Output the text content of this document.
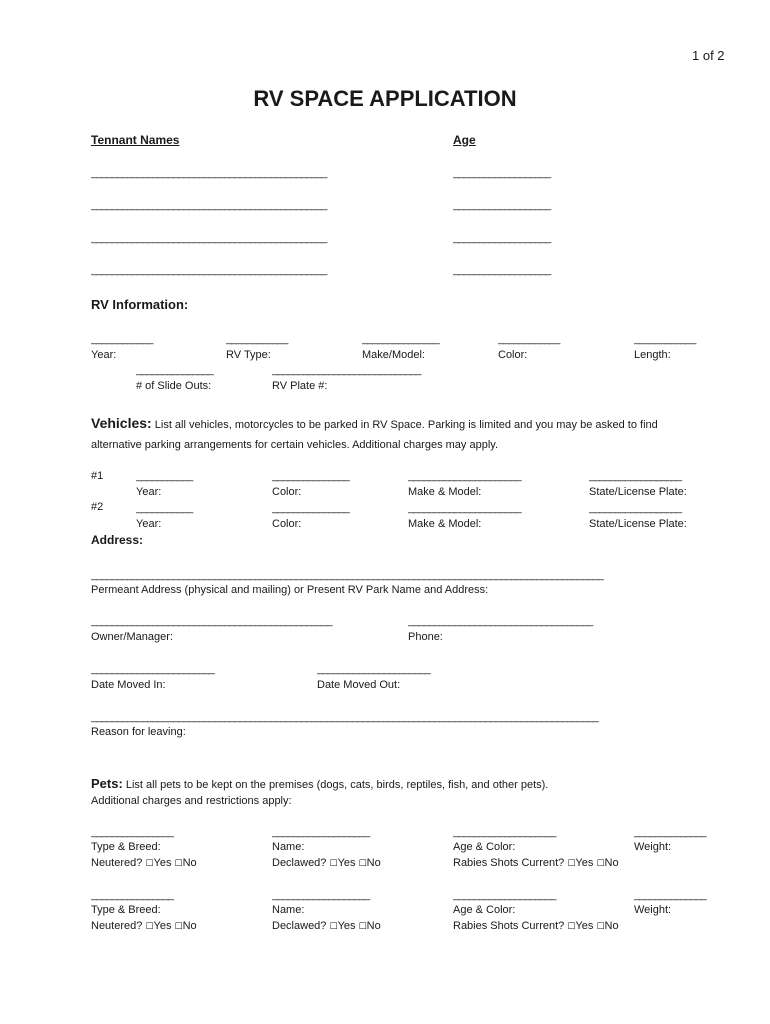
1 of 2
RV SPACE APPLICATION
Tennant Names	Age
______________________________________________	___________________
______________________________________________	___________________
______________________________________________	___________________
______________________________________________	___________________
RV Information:
____________	____________	_______________	____________	____________
Year:	RV Type:	Make/Model:	Color:	Length:
_______________	_____________________________
# of Slide Outs:	RV Plate #:
Vehicles: List all vehicles, motorcycles to be parked in RV Space. Parking is limited and you may be asked to find
alternative parking arrangements for certain vehicles. Additional charges may apply.
#1	___________	_______________	______________________	__________________
Year:	Color:	Make & Model:	State/License Plate:
#2	___________	_______________	______________________	__________________
Year:	Color:	Make & Model:	State/License Plate:
Address:
____________________________________________________________________________________________________
Permeant Address (physical and mailing) or Present RV Park Name and Address:
_______________________________________________	____________________________________
Owner/Manager:	Phone:
________________________	______________________
Date Moved In:	Date Moved Out:
___________________________________________________________________________________________________
Reason for leaving:
Pets: List all pets to be kept on the premises (dogs, cats, birds, reptiles, fish, and other pets).
Additional charges and restrictions apply:
________________	___________________	____________________	______________
Type & Breed:	Name:	Age & Color:	Weight:
Neutered? ☐Yes ☐No	Declawed? ☐Yes ☐No	Rabies Shots Current? ☐Yes ☐No
________________	___________________	____________________	______________
Type & Breed:	Name:	Age & Color:	Weight:
Neutered? ☐Yes ☐No	Declawed? ☐Yes ☐No	Rabies Shots Current? ☐Yes ☐No
